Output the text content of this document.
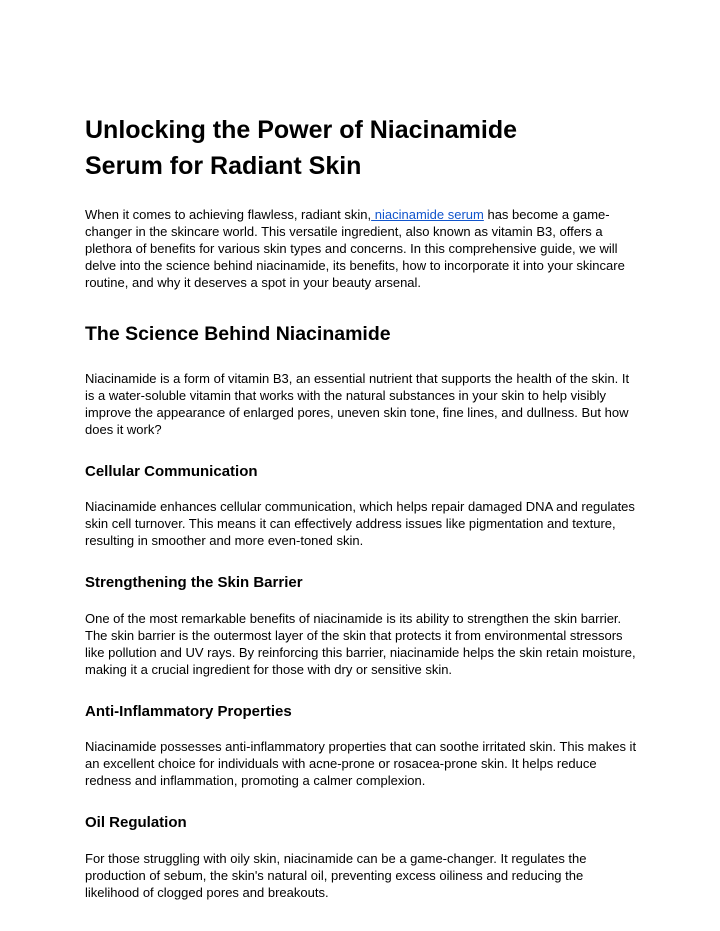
Unlocking the Power of Niacinamide Serum for Radiant Skin

When it comes to achieving flawless, radiant skin, niacinamide serum has become a game-changer in the skincare world. This versatile ingredient, also known as vitamin B3, offers a plethora of benefits for various skin types and concerns. In this comprehensive guide, we will delve into the science behind niacinamide, its benefits, how to incorporate it into your skincare routine, and why it deserves a spot in your beauty arsenal.

The Science Behind Niacinamide

Niacinamide is a form of vitamin B3, an essential nutrient that supports the health of the skin. It is a water-soluble vitamin that works with the natural substances in your skin to help visibly improve the appearance of enlarged pores, uneven skin tone, fine lines, and dullness. But how does it work?

Cellular Communication

Niacinamide enhances cellular communication, which helps repair damaged DNA and regulates skin cell turnover. This means it can effectively address issues like pigmentation and texture, resulting in smoother and more even-toned skin.

Strengthening the Skin Barrier

One of the most remarkable benefits of niacinamide is its ability to strengthen the skin barrier. The skin barrier is the outermost layer of the skin that protects it from environmental stressors like pollution and UV rays. By reinforcing this barrier, niacinamide helps the skin retain moisture, making it a crucial ingredient for those with dry or sensitive skin.

Anti-Inflammatory Properties

Niacinamide possesses anti-inflammatory properties that can soothe irritated skin. This makes it an excellent choice for individuals with acne-prone or rosacea-prone skin. It helps reduce redness and inflammation, promoting a calmer complexion.

Oil Regulation

For those struggling with oily skin, niacinamide can be a game-changer. It regulates the production of sebum, the skin's natural oil, preventing excess oiliness and reducing the likelihood of clogged pores and breakouts.
